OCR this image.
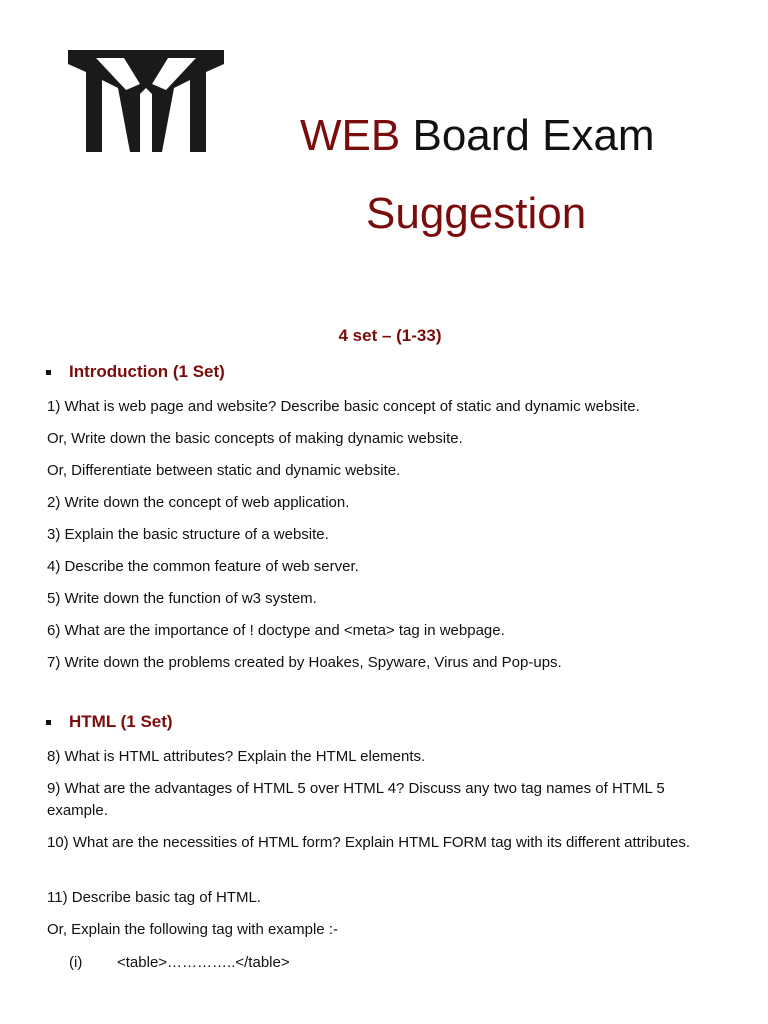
WEB Board Exam
Suggestion
4 set – (1-33)
Introduction (1 Set)
1) What is web page and website? Describe basic concept of static and dynamic website.
Or, Write down the basic concepts of making dynamic website.
Or, Differentiate between static and dynamic website.
2) Write down the concept of web application.
3) Explain the basic structure of a website.
4) Describe the common feature of web server.
5) Write down the function of w3 system.
6) What are the importance of ! doctype and <meta> tag in webpage.
7) Write down the problems created by Hoakes, Spyware, Virus and Pop-ups.
HTML (1 Set)
8) What is HTML attributes? Explain the HTML elements.
9) What are the advantages of HTML 5 over HTML 4? Discuss any two tag names of HTML 5 example.
10) What are the necessities of HTML form? Explain HTML FORM tag with its different attributes.
11) Describe basic tag of HTML.
Or, Explain the following tag with example :-
(i) <table>…………..</table>
